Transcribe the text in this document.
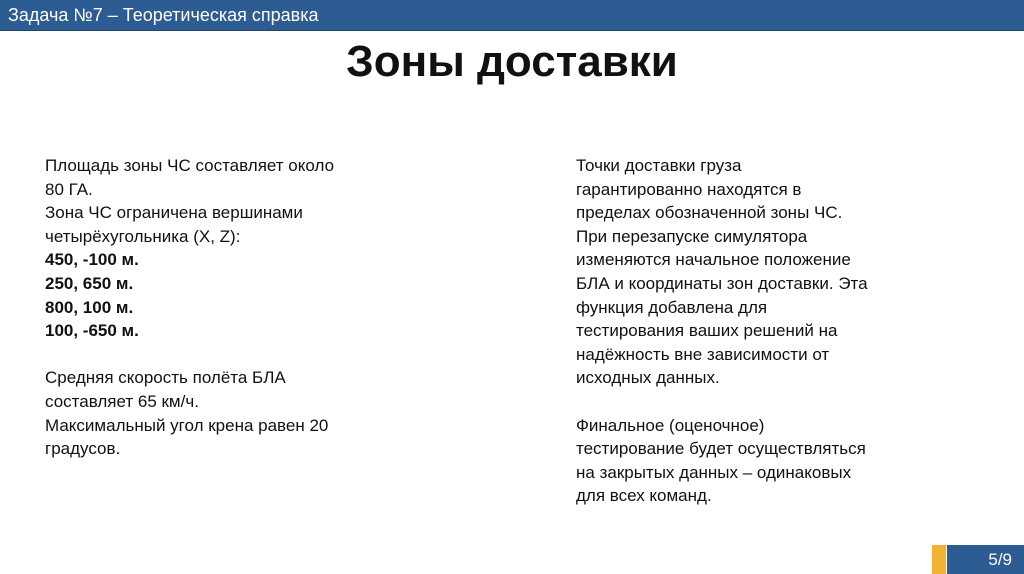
Задача №7 – Теоретическая справка
Зоны доставки
Площадь зоны ЧС составляет около
80 ГА.
Зона ЧС ограничена вершинами
четырёхугольника (X, Z):
450, -100 м.
250, 650 м.
800, 100 м.
100, -650 м.
Средняя скорость полёта БЛА
составляет 65 км/ч.
Максимальный угол крена равен 20
градусов.
Точки доставки груза
гарантированно находятся в
пределах обозначенной зоны ЧС.
При перезапуске симулятора
изменяются начальное положение
БЛА и координаты зон доставки. Эта
функция добавлена для
тестирования ваших решений на
надёжность вне зависимости от
исходных данных.
Финальное (оценочное)
тестирование будет осуществляться
на закрытых данных – одинаковых
для всех команд.
5/9
